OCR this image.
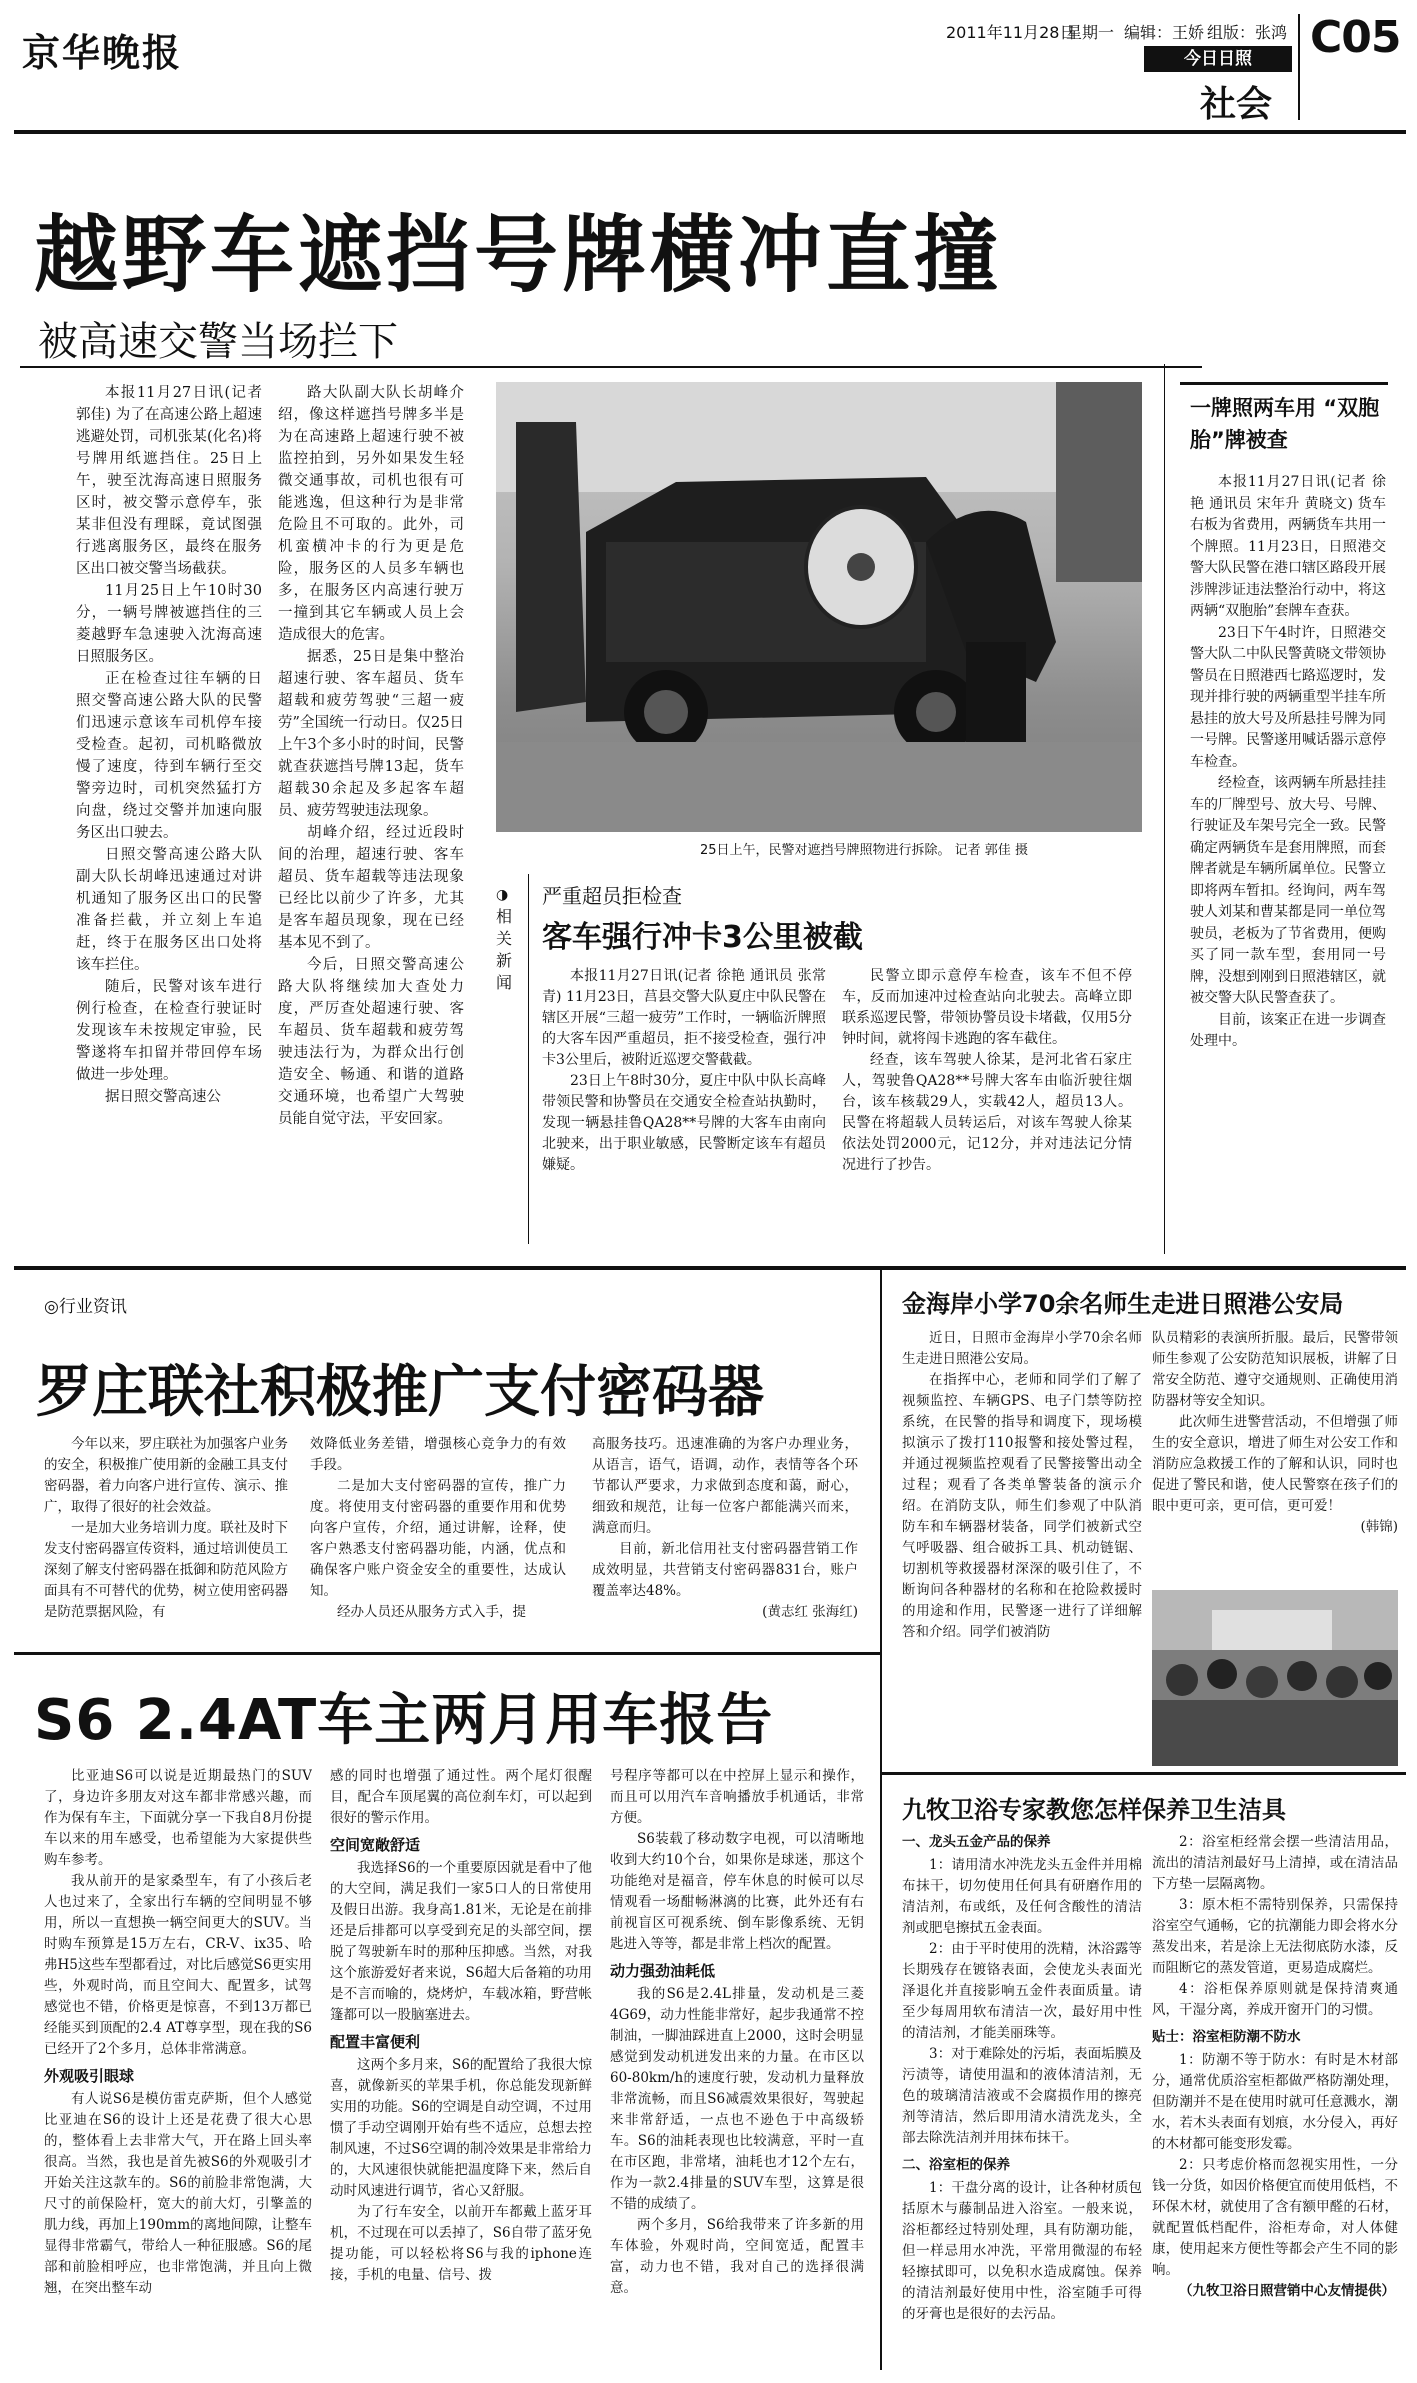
京华晚报	2011年11月28日
星期一 编辑：王娇 组版：张鸿 C05
今日日照
社会
越野车遮挡号牌横冲直撞
被高速交警当场拦下

本报11月27日讯(记者 郭佳) 为了在高速公路上超速逃避处罚，司机张某(化名)将号牌用纸遮挡住。25日上午，驶至沈海高速日照服务区时，被交警示意停车，张某非但没有理睬，竟试图强行逃离服务区，最终在服务区出口被交警当场截获。

11月25日上午10时30分，一辆号牌被遮挡住的三菱越野车急速驶入沈海高速日照服务区。

正在检查过往车辆的日照交警高速公路大队的民警们迅速示意该车司机停车接受检查。起初，司机略微放慢了速度，待到车辆行至交警旁边时，司机突然猛打方向盘，绕过交警并加速向服务区出口驶去。

日照交警高速公路大队副大队长胡峰迅速通过对讲机通知了服务区出口的民警准备拦截，并立刻上车追赶，终于在服务区出口处将该车拦住。

随后，民警对该车进行例行检查，在检查行驶证时发现该车未按规定审验，民警遂将车扣留并带回停车场做进一步处理。

据日照交警高速公

路大队副大队长胡峰介绍，像这样遮挡号牌多半是为在高速路上超速行驶不被监控拍到，另外如果发生轻微交通事故，司机也很有可能逃逸，但这种行为是非常危险且不可取的。此外，司机蛮横冲卡的行为更是危险，服务区的人员多车辆也多，在服务区内高速行驶万一撞到其它车辆或人员上会造成很大的危害。

据悉，25日是集中整治超速行驶、客车超员、货车超载和疲劳驾驶“三超一疲劳”全国统一行动日。仅25日上午3个多小时的时间，民警就查获遮挡号牌13起，货车超载30余起及多起客车超员、疲劳驾驶违法现象。

胡峰介绍，经过近段时间的治理，超速行驶、客车超员、货车超载等违法现象已经比以前少了许多，尤其是客车超员现象，现在已经基本见不到了。

今后，日照交警高速公路大队将继续加大查处力度，严厉查处超速行驶、客车超员、货车超载和疲劳驾驶违法行为，为群众出行创造安全、畅通、和谐的道路交通环境，也希望广大驾驶员能自觉守法，平安回家。

25日上午，民警对遮挡号牌照物进行拆除。 记者 郭佳 摄
◑
相关新闻
严重超员拒检查
客车强行冲卡3公里被截

本报11月27日讯(记者 徐艳 通讯员 张常青) 11月23日，莒县交警大队夏庄中队民警在辖区开展“三超一疲劳”工作时，一辆临沂牌照的大客车因严重超员，拒不接受检查，强行冲卡3公里后，被附近巡逻交警截截。

23日上午8时30分，夏庄中队中队长高峰带领民警和协警员在交通安全检查站执勤时，发现一辆悬挂鲁QA28**号牌的大客车由南向北驶来，出于职业敏感，民警断定该车有超员嫌疑。

民警立即示意停车检查，该车不但不停车，反而加速冲过检查站向北驶去。高峰立即联系巡逻民警，带领协警员设卡堵截，仅用5分钟时间，就将闯卡逃跑的客车截住。

经查，该车驾驶人徐某，是河北省石家庄人，驾驶鲁QA28**号牌大客车由临沂驶往烟台，该车核载29人，实载42人，超员13人。民警在将超载人员转运后，对该车驾驶人徐某依法处罚2000元，记12分，并对违法记分情况进行了抄告。

一牌照两车用 “双胞胎”牌被查

本报11月27日讯(记者 徐艳 通讯员 宋年升 黄晓文) 货车右板为省费用，两辆货车共用一个牌照。11月23日，日照港交警大队民警在港口辖区路段开展涉牌涉证违法整治行动中，将这两辆“双胞胎”套牌车查获。

23日下午4时许，日照港交警大队二中队民警黄晓文带领协警员在日照港西七路巡逻时，发现并排行驶的两辆重型半挂车所悬挂的放大号及所悬挂号牌为同一号牌。民警遂用喊话器示意停车检查。

经检查，该两辆车所悬挂挂车的厂牌型号、放大号、号牌、行驶证及车架号完全一致。民警确定两辆货车是套用牌照，而套牌者就是车辆所属单位。民警立即将两车暂扣。经询问，两车驾驶人刘某和曹某都是同一单位驾驶员，老板为了节省费用，便购买了同一款车型，套用同一号牌，没想到刚到日照港辖区，就被交警大队民警查获了。

目前，该案正在进一步调查处理中。

◎行业资讯
罗庄联社积极推广支付密码器

今年以来，罗庄联社为加强客户业务的安全，积极推广使用新的金融工具支付密码器，着力向客户进行宣传、演示、推广，取得了很好的社会效益。

一是加大业务培训力度。联社及时下发支付密码器宣传资料，通过培训使员工深刻了解支付密码器在抵御和防范风险方面具有不可替代的优势，树立使用密码器是防范票据风险，有

效降低业务差错，增强核心竞争力的有效手段。

二是加大支付密码器的宣传，推广力度。将使用支付密码器的重要作用和优势向客户宣传，介绍，通过讲解，诠释，使客户熟悉支付密码器功能，内涵，优点和确保客户账户资金安全的重要性，达成认知。

经办人员还从服务方式入手，提

高服务技巧。迅速准确的为客户办理业务，从语言，语气，语调，动作，表情等各个环节都认严要求，力求做到态度和蔼，耐心，细致和规范，让每一位客户都能满兴而来，满意而归。

目前，新北信用社支付密码器营销工作成效明显，共营销支付密码器831台，账户覆盖率达48%。

(黄志红 张海红)

金海岸小学70余名师生走进日照港公安局

近日，日照市金海岸小学70余名师生走进日照港公安局。

在指挥中心，老师和同学们了解了视频监控、车辆GPS、电子门禁等防控系统，在民警的指导和调度下，现场模拟演示了拨打110报警和接处警过程，并通过视频监控观看了民警接警出动全过程；观看了各类单警装备的演示介绍。在消防支队，师生们参观了中队消防车和车辆器材装备，同学们被新式空气呼吸器、组合破拆工具、机动链锯、切割机等救援器材深深的吸引住了，不断询问各种器材的名称和在抢险救援时的用途和作用，民警逐一进行了详细解答和介绍。同学们被消防

队员精彩的表演所折服。最后，民警带领师生参观了公安防范知识展板，讲解了日常安全防范、遵守交通规则、正确使用消防器材等安全知识。

此次师生进警营活动，不但增强了师生的安全意识，增进了师生对公安工作和消防应急救援工作的了解和认识，同时也促进了警民和谐，使人民警察在孩子们的眼中更可亲，更可信，更可爱！

(韩锦)

S6 2.4AT车主两月用车报告

比亚迪S6可以说是近期最热门的SUV了，身边许多朋友对这车都非常感兴趣，而作为保有车主，下面就分享一下我自8月份提车以来的用车感受，也希望能为大家提供些购车参考。

我从前开的是家桑型车，有了小孩后老人也过来了，全家出行车辆的空间明显不够用，所以一直想换一辆空间更大的SUV。当时购车预算是15万左右，CR-V、ix35、哈弗H5这些车型都看过，对比后感觉S6更实用些，外观时尚，而且空间大、配置多，试驾感觉也不错，价格更是惊喜，不到13万都已经能买到顶配的2.4 AT尊享型，现在我的S6已经开了2个多月，总体非常满意。

外观吸引眼球

有人说S6是模仿雷克萨斯，但个人感觉比亚迪在S6的设计上还是花费了很大心思的，整体看上去非常大气，开在路上回头率很高。当然，我也是首先被S6的外观吸引才开始关注这款车的。S6的前脸非常饱满，大尺寸的前保险杆，宽大的前大灯，引擎盖的肌力线，再加上190mm的离地间隙，让整车显得非常霸气，带给人一种征服感。S6的尾部和前脸相呼应，也非常饱满，并且向上微翘，在突出整车动

感的同时也增强了通过性。两个尾灯很醒目，配合车顶尾翼的高位刹车灯，可以起到很好的警示作用。

空间宽敞舒适

我选择S6的一个重要原因就是看中了他的大空间，满足我们一家5口人的日常使用及假日出游。我身高1.81米，无论是在前排还是后排都可以享受到充足的头部空间，摆脱了驾驶新车时的那种压抑感。当然，对我这个旅游爱好者来说，S6超大后备箱的功用是不言而喻的，烧烤炉，车载冰箱，野营帐篷都可以一股脑塞进去。

配置丰富便利

这两个多月来，S6的配置给了我很大惊喜，就像新买的苹果手机，你总能发现新鲜实用的功能。S6的空调是自动空调，不过用惯了手动空调刚开始有些不适应，总想去控制风速，不过S6空调的制冷效果是非常给力的，大风速很快就能把温度降下来，然后自动时风速进行调节，省心又舒服。

为了行车安全，以前开车都戴上蓝牙耳机，不过现在可以丢掉了，S6自带了蓝牙免提功能，可以轻松将S6与我的iphone连接，手机的电量、信号、拨

号程序等都可以在中控屏上显示和操作，而且可以用汽车音响播放手机通话，非常方便。

S6装载了移动数字电视，可以清晰地收到大约10个台，如果你是球迷，那这个功能绝对是福音，停车休息的时候可以尽情观看一场酣畅淋漓的比赛，此外还有右前视盲区可视系统、倒车影像系统、无钥匙进入等等，都是非常上档次的配置。

动力强劲油耗低

我的S6是2.4L排量，发动机是三菱4G69，动力性能非常好，起步我通常不控制油，一脚油踩进直上2000，这时会明显感觉到发动机迸发出来的力量。在市区以60-80km/h的速度行驶，发动机力量释放非常流畅，而且S6减震效果很好，驾驶起来非常舒适，一点也不逊色于中高级轿车。S6的油耗表现也比较满意，平时一直在市区跑，非常堵，油耗也才12个左右，作为一款2.4排量的SUV车型，这算是很不错的成绩了。

两个多月，S6给我带来了许多新的用车体验，外观时尚，空间宽适，配置丰富，动力也不错，我对自己的选择很满意。

九牧卫浴专家教您怎样保养卫生洁具
一、龙头五金产品的保养

1：请用清水冲洗龙头五金件并用棉布抹干，切勿使用任何具有研磨作用的清洁剂，布或纸，及任何含酸性的清洁剂或肥皂擦拭五金表面。

2：由于平时使用的洗精，沐浴露等长期残存在镀铬表面，会使龙头表面光泽退化并直接影响五金件表面质量。请至少每周用软布清洁一次，最好用中性的清洁剂，才能美丽珠等。

3：对于难除处的污垢，表面垢膜及污渍等，请使用温和的液体清洁剂，无色的玻璃清洁液或不会腐损作用的擦亮剂等清洁，然后即用清水清洗龙头，全部去除洗洁剂并用抹布抹干。

二、浴室柜的保养

1：干盘分离的设计，让各种材质包括原木与藤制品进入浴室。一般来说，浴柜都经过特别处理，具有防潮功能，但一样忌用水冲洗，平常用微湿的布轻轻擦拭即可，以免积水造成腐蚀。保养的清洁剂最好使用中性，浴室随手可得的牙膏也是很好的去污品。

2：浴室柜经常会摆一些清洁用品，流出的清洁剂最好马上清掉，或在清洁品下方垫一层隔离物。

3：原木柜不需特别保养，只需保持浴室空气通畅，它的抗潮能力即会将水分蒸发出来，若是涂上无法彻底防水漆，反而阻断它的蒸发管道，更易造成腐烂。

4：浴柜保养原则就是保持清爽通风，干湿分离，养成开窗开门的习惯。

贴士：浴室柜防潮不防水

1：防潮不等于防水：有时是木材部分，通常优质浴室柜都做严格防潮处理，但防潮并不是在使用时就可任意溅水，潮水，若木头表面有划痕，水分侵入，再好的木材都可能变形发霉。

2：只考虑价格而忽视实用性，一分钱一分货，如因价格便宜而使用低档，不环保木材，就使用了含有额甲醛的石材，就配置低档配件，浴柜寿命，对人体健康，使用起来方便性等都会产生不同的影响。

（九牧卫浴日照营销中心友情提供）
